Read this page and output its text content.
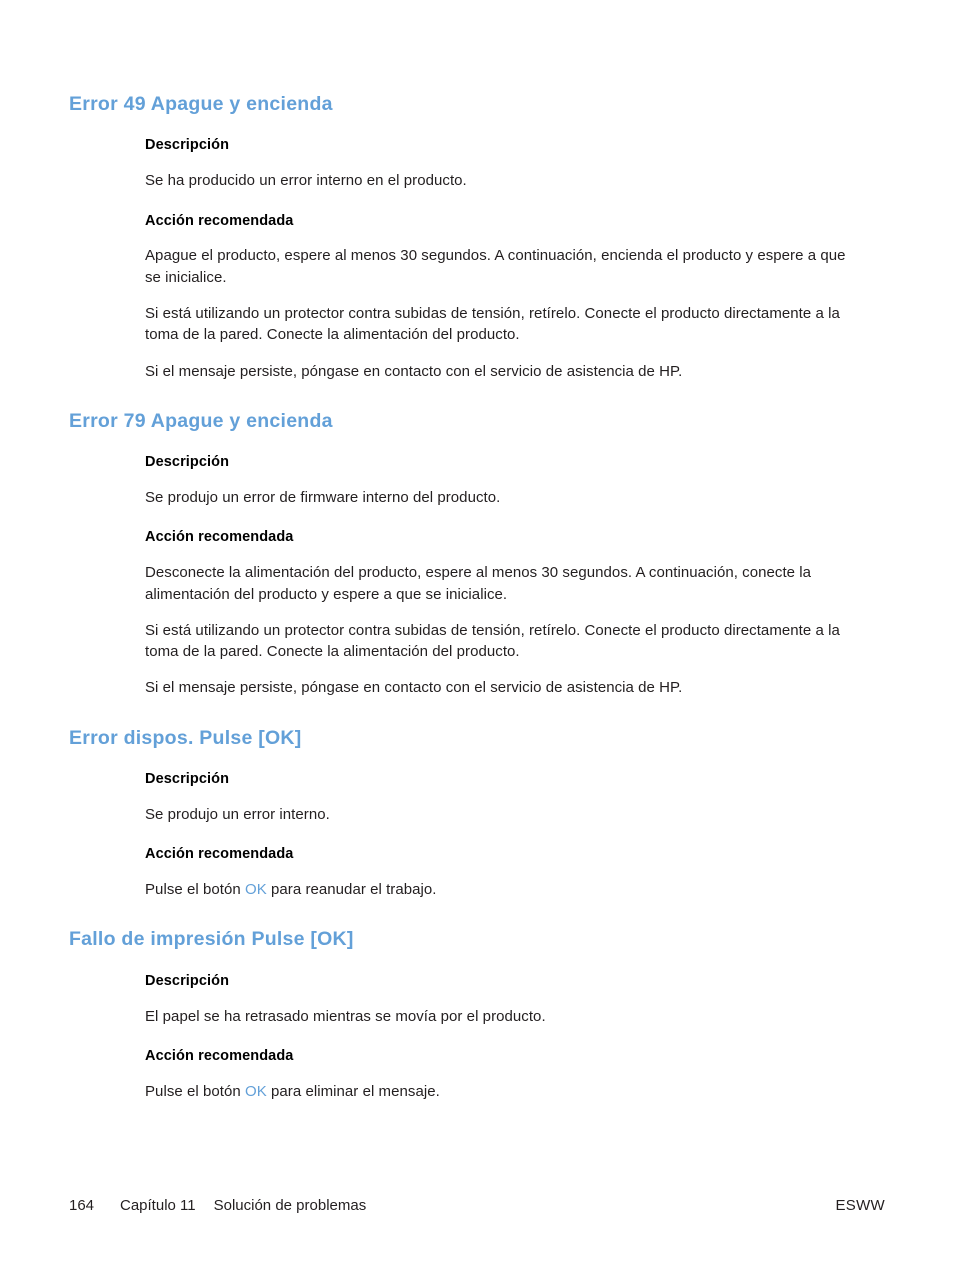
Error 49 Apague y encienda
Descripción

Se ha producido un error interno en el producto.

Acción recomendada

Apague el producto, espere al menos 30 segundos. A continuación, encienda el producto y espere a que se inicialice.

Si está utilizando un protector contra subidas de tensión, retírelo. Conecte el producto directamente a la toma de la pared. Conecte la alimentación del producto.

Si el mensaje persiste, póngase en contacto con el servicio de asistencia de HP.

Error 79 Apague y encienda
Descripción

Se produjo un error de firmware interno del producto.

Acción recomendada

Desconecte la alimentación del producto, espere al menos 30 segundos. A continuación, conecte la alimentación del producto y espere a que se inicialice.

Si está utilizando un protector contra subidas de tensión, retírelo. Conecte el producto directamente a la toma de la pared. Conecte la alimentación del producto.

Si el mensaje persiste, póngase en contacto con el servicio de asistencia de HP.

Error dispos. Pulse [OK]
Descripción

Se produjo un error interno.

Acción recomendada

Pulse el botón OK para reanudar el trabajo.

Fallo de impresión Pulse [OK]
Descripción

El papel se ha retrasado mientras se movía por el producto.

Acción recomendada

Pulse el botón OK para eliminar el mensaje.

164	Capítulo 11 Solución de problemas	ESWW
